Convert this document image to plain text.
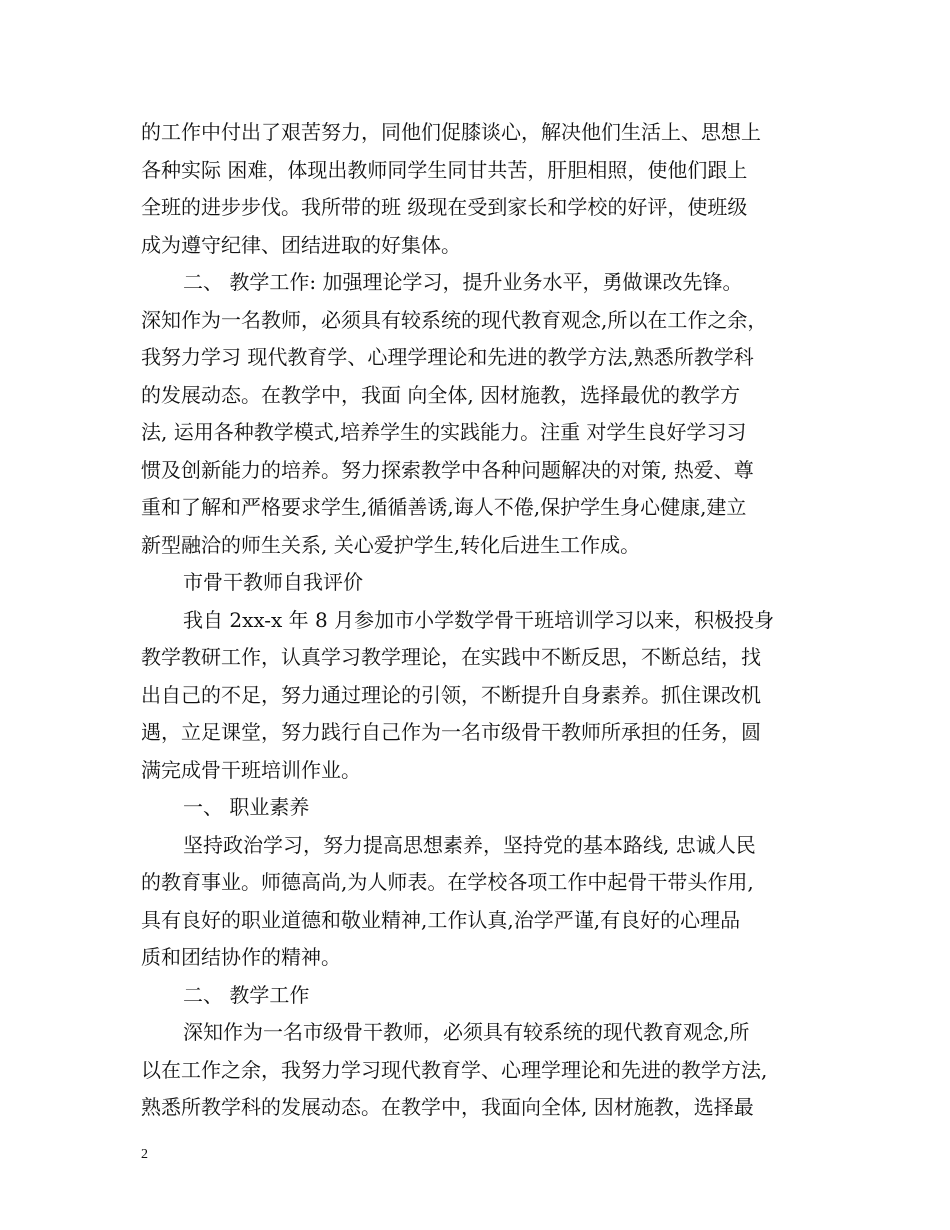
的工作中付出了艰苦努力，同他们促膝谈心，解决他们生活上、思想上
各种实际 困难，体现出教师同学生同甘共苦，肝胆相照，使他们跟上
全班的进步步伐。我所带的班 级现在受到家长和学校的好评，使班级
成为遵守纪律、团结进取的好集体。
二、 教学工作: 加强理论学习，提升业务水平，勇做课改先锋。
深知作为一名教师，必须具有较系统的现代教育观念,所以在工作之余，
我努力学习 现代教育学、心理学理论和先进的教学方法,熟悉所教学科
的发展动态。在教学中，我面 向全体, 因材施教，选择最优的教学方
法, 运用各种教学模式,培养学生的实践能力。注重 对学生良好学习习
惯及创新能力的培养。努力探索教学中各种问题解决的对策, 热爱、尊
重和了解和严格要求学生,循循善诱,诲人不倦,保护学生身心健康,建立
新型融洽的师生关系, 关心爱护学生,转化后进生工作成。
市骨干教师自我评价
我自 2xx-x 年 8 月参加市小学数学骨干班培训学习以来，积极投身
教学教研工作，认真学习教学理论，在实践中不断反思，不断总结，找
出自己的不足，努力通过理论的引领，不断提升自身素养。抓住课改机
遇，立足课堂，努力践行自己作为一名市级骨干教师所承担的任务，圆
满完成骨干班培训作业。
一、 职业素养
坚持政治学习，努力提高思想素养，坚持党的基本路线, 忠诚人民
的教育事业。师德高尚,为人师表。在学校各项工作中起骨干带头作用,
具有良好的职业道德和敬业精神,工作认真,治学严谨,有良好的心理品
质和团结协作的精神。
二、 教学工作
深知作为一名市级骨干教师，必须具有较系统的现代教育观念,所
以在工作之余，我努力学习现代教育学、心理学理论和先进的教学方法,
熟悉所教学科的发展动态。在教学中，我面向全体, 因材施教，选择最
2
